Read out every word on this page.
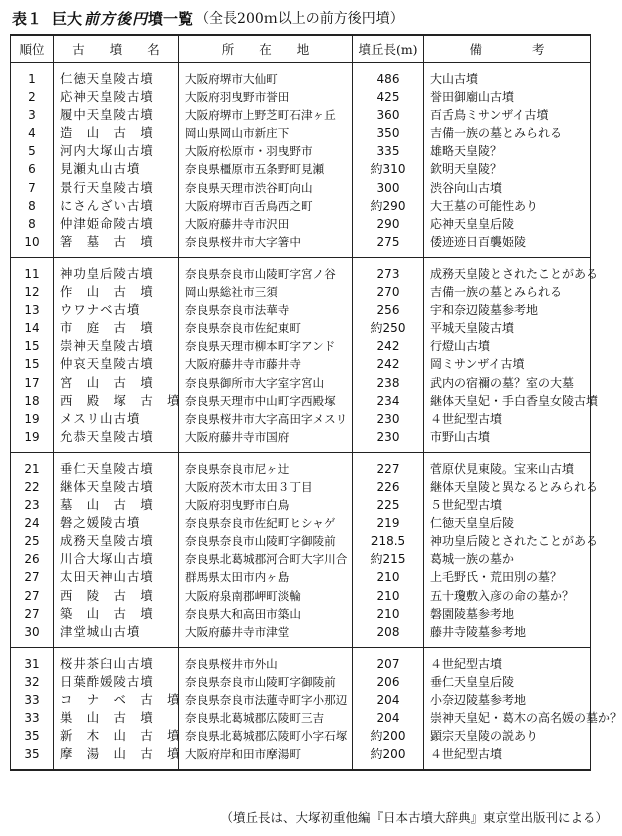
表１ 巨大 前方後円 墳一覧 （全長200ｍ以上の前方後円墳）
順位	古　　墳　　名	所　　在　　地	墳丘長(m)	備　　　　考
1	仁徳天皇陵古墳	大阪府堺市大仙町	486	大山古墳
2	応神天皇陵古墳	大阪府羽曳野市誉田	425	誉田御廟山古墳
3	履中天皇陵古墳	大阪府堺市上野芝町石津ヶ丘	360	百舌鳥ミサンザイ古墳
4	造　山　古　墳	岡山県岡山市新庄下	350	吉備一族の墓とみられる
5	河内大塚山古墳	大阪府松原市・羽曳野市	335	雄略天皇陵？
6	見瀬丸山古墳	奈良県橿原市五条野町見瀬	約310	欽明天皇陵？
7	景行天皇陵古墳	奈良県天理市渋谷町向山	300	渋谷向山古墳
8	にさんざい古墳	大阪府堺市百舌鳥西之町	約290	大王墓の可能性あり
8	仲津姫命陵古墳	大阪府藤井寺市沢田	290	応神天皇皇后陵
10	箸　墓　古　墳	奈良県桜井市大字箸中	275	倭迹迹日百襲姫陵
11	神功皇后陵古墳	奈良県奈良市山陵町字宮ノ谷	273	成務天皇陵とされたことがある
12	作　山　古　墳	岡山県総社市三須	270	吉備一族の墓とみられる
13	ウワナベ古墳	奈良県奈良市法華寺	256	宇和奈辺陵墓参考地
14	市　庭　古　墳	奈良県奈良市佐紀東町	約250	平城天皇陵古墳
15	崇神天皇陵古墳	奈良県天理市柳本町字アンド	242	行燈山古墳
15	仲哀天皇陵古墳	大阪府藤井寺市藤井寺	242	岡ミサンザイ古墳
17	宮　山　古　墳	奈良県御所市大字室字宮山	238	武内の宿禰の墓？室の大墓
18	西　殿　塚　古　墳	奈良県天理市中山町字西殿塚	234	継体天皇妃・手白香皇女陵古墳
19	メスリ山古墳	奈良県桜井市大字高田字メスリ	230	４世紀型古墳
19	允恭天皇陵古墳	大阪府藤井寺市国府	230	市野山古墳
21	垂仁天皇陵古墳	奈良県奈良市尼ヶ辻	227	菅原伏見東陵。宝来山古墳
22	継体天皇陵古墳	大阪府茨木市太田３丁目	226	継体天皇陵と異なるとみられる
23	墓　山　古　墳	大阪府羽曳野市白鳥	225	５世紀型古墳
24	磐之媛陵古墳	奈良県奈良市佐紀町ヒシャゲ	219	仁徳天皇皇后陵
25	成務天皇陵古墳	奈良県奈良市山陵町字御陵前	218.5	神功皇后陵とされたことがある
26	川合大塚山古墳	奈良県北葛城郡河合町大字川合	約215	葛城一族の墓か
27	太田天神山古墳	群馬県太田市内ヶ島	210	上毛野氏・荒田別の墓？
27	西　陵　古　墳	大阪府泉南郡岬町淡輪	210	五十瓊敷入彦の命の墓か？
27	築　山　古　墳	奈良県大和高田市築山	210	磐園陵墓参考地
30	津堂城山古墳	大阪府藤井寺市津堂	208	藤井寺陵墓参考地
31	桜井茶臼山古墳	奈良県桜井市外山	207	４世紀型古墳
32	日葉酢媛陵古墳	奈良県奈良市山陵町字御陵前	206	垂仁天皇皇后陵
33	コ　ナ　ベ　古　墳	奈良県奈良市法蓮寺町字小那辺	204	小奈辺陵墓参考地
33	巣　山　古　墳	奈良県北葛城郡広陵町三吉	204	崇神天皇妃・葛木の高名媛の墓か？
35	新　木　山　古　墳	奈良県北葛城郡広陵町小字石塚	約200	顕宗天皇陵の説あり
35	摩　湯　山　古　墳	大阪府岸和田市摩湯町	約200	４世紀型古墳
（墳丘長は、大塚初重他編『日本古墳大辞典』東京堂出版刊による）
